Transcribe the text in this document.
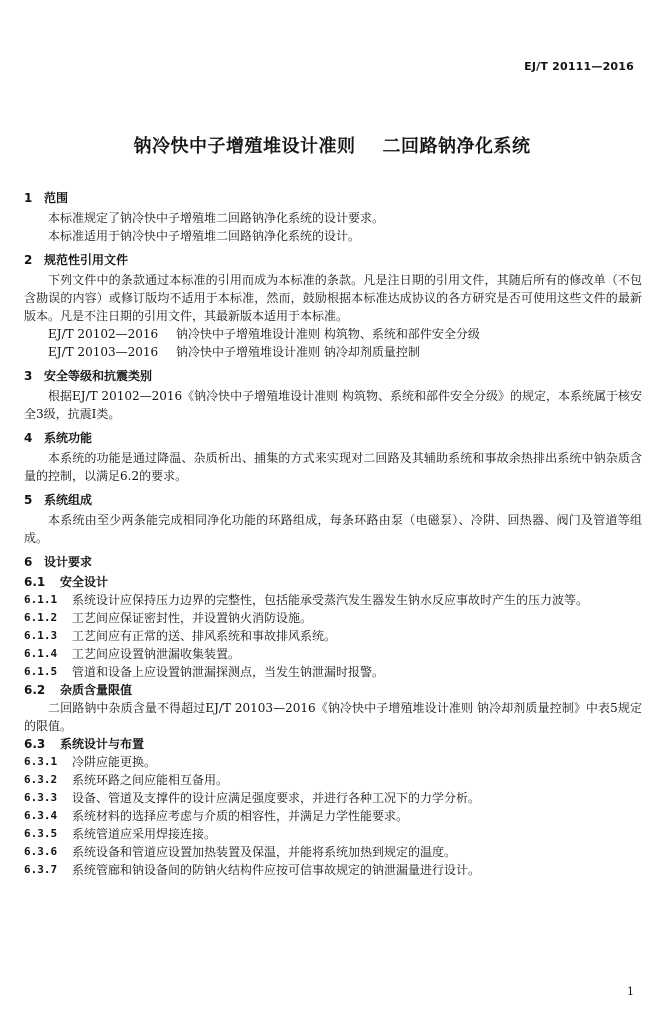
EJ/T 20111—2016
钠冷快中子增殖堆设计准则    二回路钠净化系统
1 范围

本标准规定了钠冷快中子增殖堆二回路钠净化系统的设计要求。

本标准适用于钠冷快中子增殖堆二回路钠净化系统的设计。

2 规范性引用文件

下列文件中的条款通过本标准的引用而成为本标准的条款。凡是注日期的引用文件，其随后所有的修改单（不包含勘误的内容）或修订版均不适用于本标准，然而，鼓励根据本标准达成协议的各方研究是否可使用这些文件的最新版本。凡是不注日期的引用文件，其最新版本适用于本标准。

EJ/T 20102—2016 钠冷快中子增殖堆设计准则 构筑物、系统和部件安全分级
EJ/T 20103—2016 钠冷快中子增殖堆设计准则 钠冷却剂质量控制
3 安全等级和抗震类别

根据EJ/T 20102—2016《钠冷快中子增殖堆设计准则 构筑物、系统和部件安全分级》的规定，本系统属于核安全3级，抗震Ⅰ类。

4 系统功能

本系统的功能是通过降温、杂质析出、捕集的方式来实现对二回路及其辅助系统和事故余热排出系统中钠杂质含量的控制，以满足6.2的要求。

5 系统组成

本系统由至少两条能完成相同净化功能的环路组成，每条环路由泵（电磁泵）、冷阱、回热器、阀门及管道等组成。

6 设计要求
6.1 安全设计
6.1.1	系统设计应保持压力边界的完整性，包括能承受蒸汽发生器发生钠水反应事故时产生的压力波等。
6.1.2	工艺间应保证密封性，并设置钠火消防设施。
6.1.3	工艺间应有正常的送、排风系统和事故排风系统。
6.1.4	工艺间应设置钠泄漏收集装置。
6.1.5	管道和设备上应设置钠泄漏探测点，当发生钠泄漏时报警。
6.2 杂质含量限值

二回路钠中杂质含量不得超过EJ/T 20103—2016《钠冷快中子增殖堆设计准则 钠冷却剂质量控制》中表5规定的限值。

6.3 系统设计与布置
6.3.1	冷阱应能更换。
6.3.2	系统环路之间应能相互备用。
6.3.3	设备、管道及支撑件的设计应满足强度要求，并进行各种工况下的力学分析。
6.3.4	系统材料的选择应考虑与介质的相容性，并满足力学性能要求。
6.3.5	系统管道应采用焊接连接。
6.3.6	系统设备和管道应设置加热装置及保温，并能将系统加热到规定的温度。
6.3.7	系统管廊和钠设备间的防钠火结构件应按可信事故规定的钠泄漏量进行设计。
1
